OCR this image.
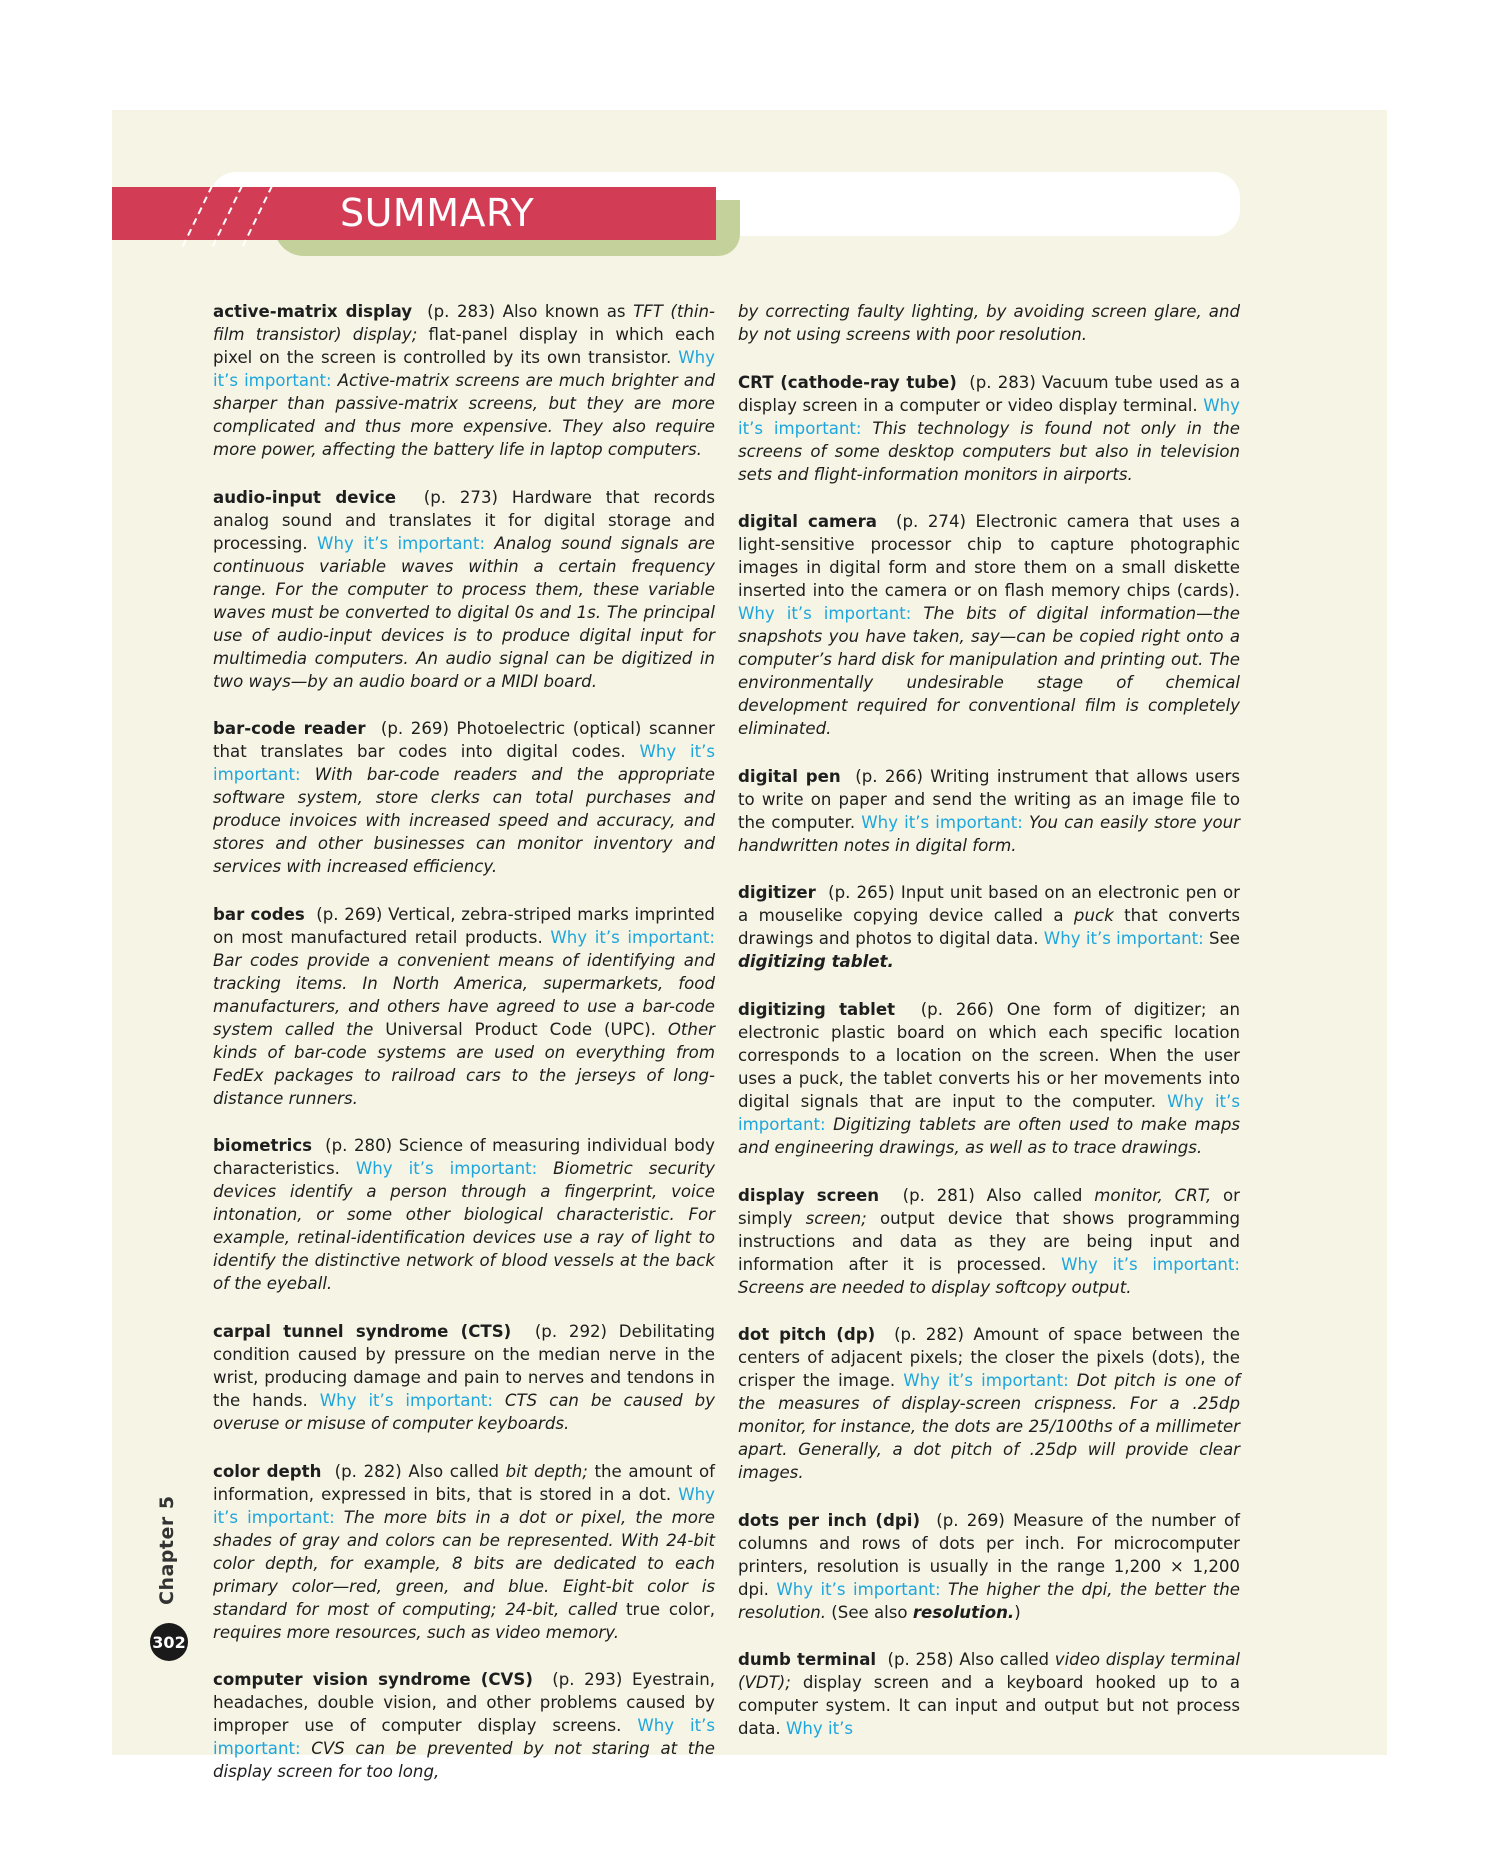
SUMMARY

active-matrix display (p. 283) Also known as TFT (thin-film transistor) display; flat-panel display in which each pixel on the screen is controlled by its own transistor. Why it’s important: Active-matrix screens are much brighter and sharper than passive-matrix screens, but they are more complicated and thus more expensive. They also require more power, affecting the battery life in laptop computers.

audio-input device (p. 273) Hardware that records analog sound and translates it for digital storage and processing. Why it’s important: Analog sound signals are continuous variable waves within a certain frequency range. For the computer to process them, these variable waves must be converted to digital 0s and 1s. The principal use of audio-input devices is to produce digital input for multimedia computers. An audio signal can be digitized in two ways—by an audio board or a MIDI board.

bar-code reader (p. 269) Photoelectric (optical) scanner that translates bar codes into digital codes. Why it’s important: With bar-code readers and the appropriate software system, store clerks can total purchases and produce invoices with increased speed and accuracy, and stores and other businesses can monitor inventory and services with increased efficiency.

bar codes (p. 269) Vertical, zebra-striped marks imprinted on most manufactured retail products. Why it’s important: Bar codes provide a convenient means of identifying and tracking items. In North America, supermarkets, food manufacturers, and others have agreed to use a bar-code system called the Universal Product Code (UPC). Other kinds of bar-code systems are used on everything from FedEx packages to railroad cars to the jerseys of long-distance runners.

biometrics (p. 280) Science of measuring individual body characteristics. Why it’s important: Biometric security devices identify a person through a fingerprint, voice intonation, or some other biological characteristic. For example, retinal-identification devices use a ray of light to identify the distinctive network of blood vessels at the back of the eyeball.

carpal tunnel syndrome (CTS) (p. 292) Debilitating condition caused by pressure on the median nerve in the wrist, producing damage and pain to nerves and tendons in the hands. Why it’s important: CTS can be caused by overuse or misuse of computer keyboards.

color depth (p. 282) Also called bit depth; the amount of information, expressed in bits, that is stored in a dot. Why it’s important: The more bits in a dot or pixel, the more shades of gray and colors can be represented. With 24-bit color depth, for example, 8 bits are dedicated to each primary color—red, green, and blue. Eight-bit color is standard for most of computing; 24-bit, called true color, requires more resources, such as video memory.

computer vision syndrome (CVS) (p. 293) Eyestrain, headaches, double vision, and other problems caused by improper use of computer display screens. Why it’s important: CVS can be prevented by not staring at the display screen for too long,

by correcting faulty lighting, by avoiding screen glare, and by not using screens with poor resolution.

CRT (cathode-ray tube) (p. 283) Vacuum tube used as a display screen in a computer or video display terminal. Why it’s important: This technology is found not only in the screens of some desktop computers but also in television sets and flight-information monitors in airports.

digital camera (p. 274) Electronic camera that uses a light-sensitive processor chip to capture photographic images in digital form and store them on a small diskette inserted into the camera or on flash memory chips (cards). Why it’s important: The bits of digital information—the snapshots you have taken, say—can be copied right onto a computer’s hard disk for manipulation and printing out. The environmentally undesirable stage of chemical development required for conventional film is completely eliminated.

digital pen (p. 266) Writing instrument that allows users to write on paper and send the writing as an image file to the computer. Why it’s important: You can easily store your handwritten notes in digital form.

digitizer (p. 265) Input unit based on an electronic pen or a mouselike copying device called a puck that converts drawings and photos to digital data. Why it’s important: See digitizing tablet.

digitizing tablet (p. 266) One form of digitizer; an electronic plastic board on which each specific location corresponds to a location on the screen. When the user uses a puck, the tablet converts his or her movements into digital signals that are input to the computer. Why it’s important: Digitizing tablets are often used to make maps and engineering drawings, as well as to trace drawings.

display screen (p. 281) Also called monitor, CRT, or simply screen; output device that shows programming instructions and data as they are being input and information after it is processed. Why it’s important: Screens are needed to display softcopy output.

dot pitch (dp) (p. 282) Amount of space between the centers of adjacent pixels; the closer the pixels (dots), the crisper the image. Why it’s important: Dot pitch is one of the measures of display-screen crispness. For a .25dp monitor, for instance, the dots are 25/100ths of a millimeter apart. Generally, a dot pitch of .25dp will provide clear images.

dots per inch (dpi) (p. 269) Measure of the number of columns and rows of dots per inch. For microcomputer printers, resolution is usually in the range 1,200 × 1,200 dpi. Why it’s important: The higher the dpi, the better the resolution. (See also resolution.)

dumb terminal (p. 258) Also called video display terminal (VDT); display screen and a keyboard hooked up to a computer system. It can input and output but not process data. Why it’s

Chapter 5
302
